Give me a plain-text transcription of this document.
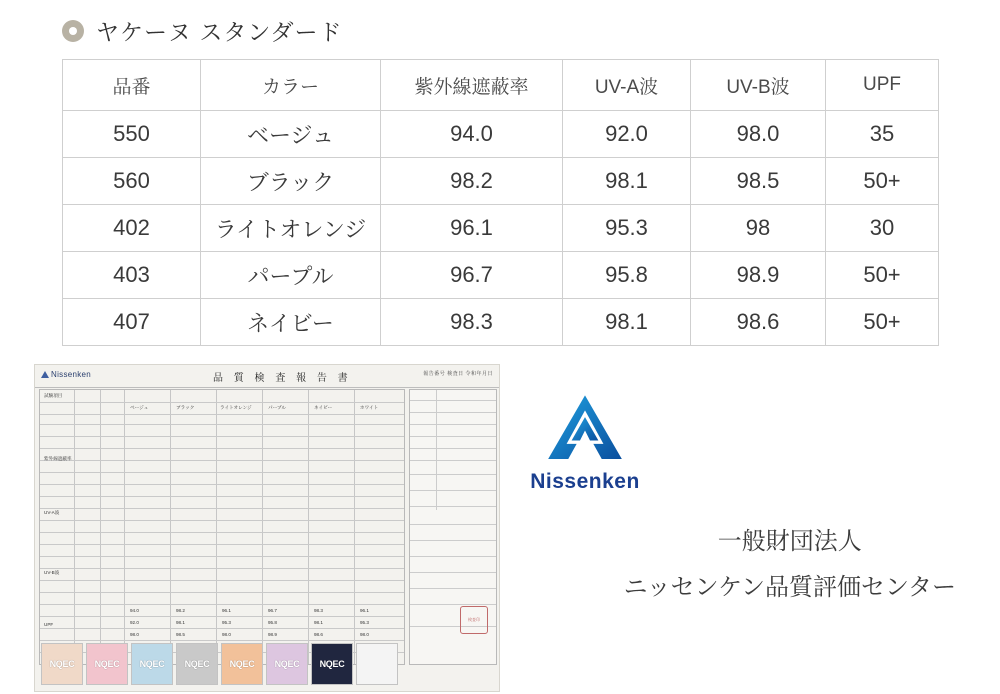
ヤケーヌ スタンダード
品番	カラー	紫外線遮蔽率	UV-A波	UV-B波	UPF
550	ベージュ	94.0	92.0	98.0	35
560	ブラック	98.2	98.1	98.5	50+
402	ライトオレンジ	96.1	95.3	98	30
403	パープル	96.7	95.8	98.9	50+
407	ネイビー	98.3	98.1	98.6	50+
Nissenken	品 質 検 査 報 告 書	報告番号 検査日 令和年月日
ベージュ	ブラック	ライトオレンジ	パープル	ネイビー	ホワイト
試験項目
紫外線遮蔽率
UV-A波
UV-B波
UPF
94.0	98.2	96.1	96.7	98.3	96.1
92.0	98.1	95.3	95.8	98.1	95.3
98.0	98.5	98.0	98.9	98.6	98.0
検査印
NQEC NQEC NQEC NQEC NQEC NQEC NQEC
Nissenken
一般財団法人
ニッセンケン品質評価センター
